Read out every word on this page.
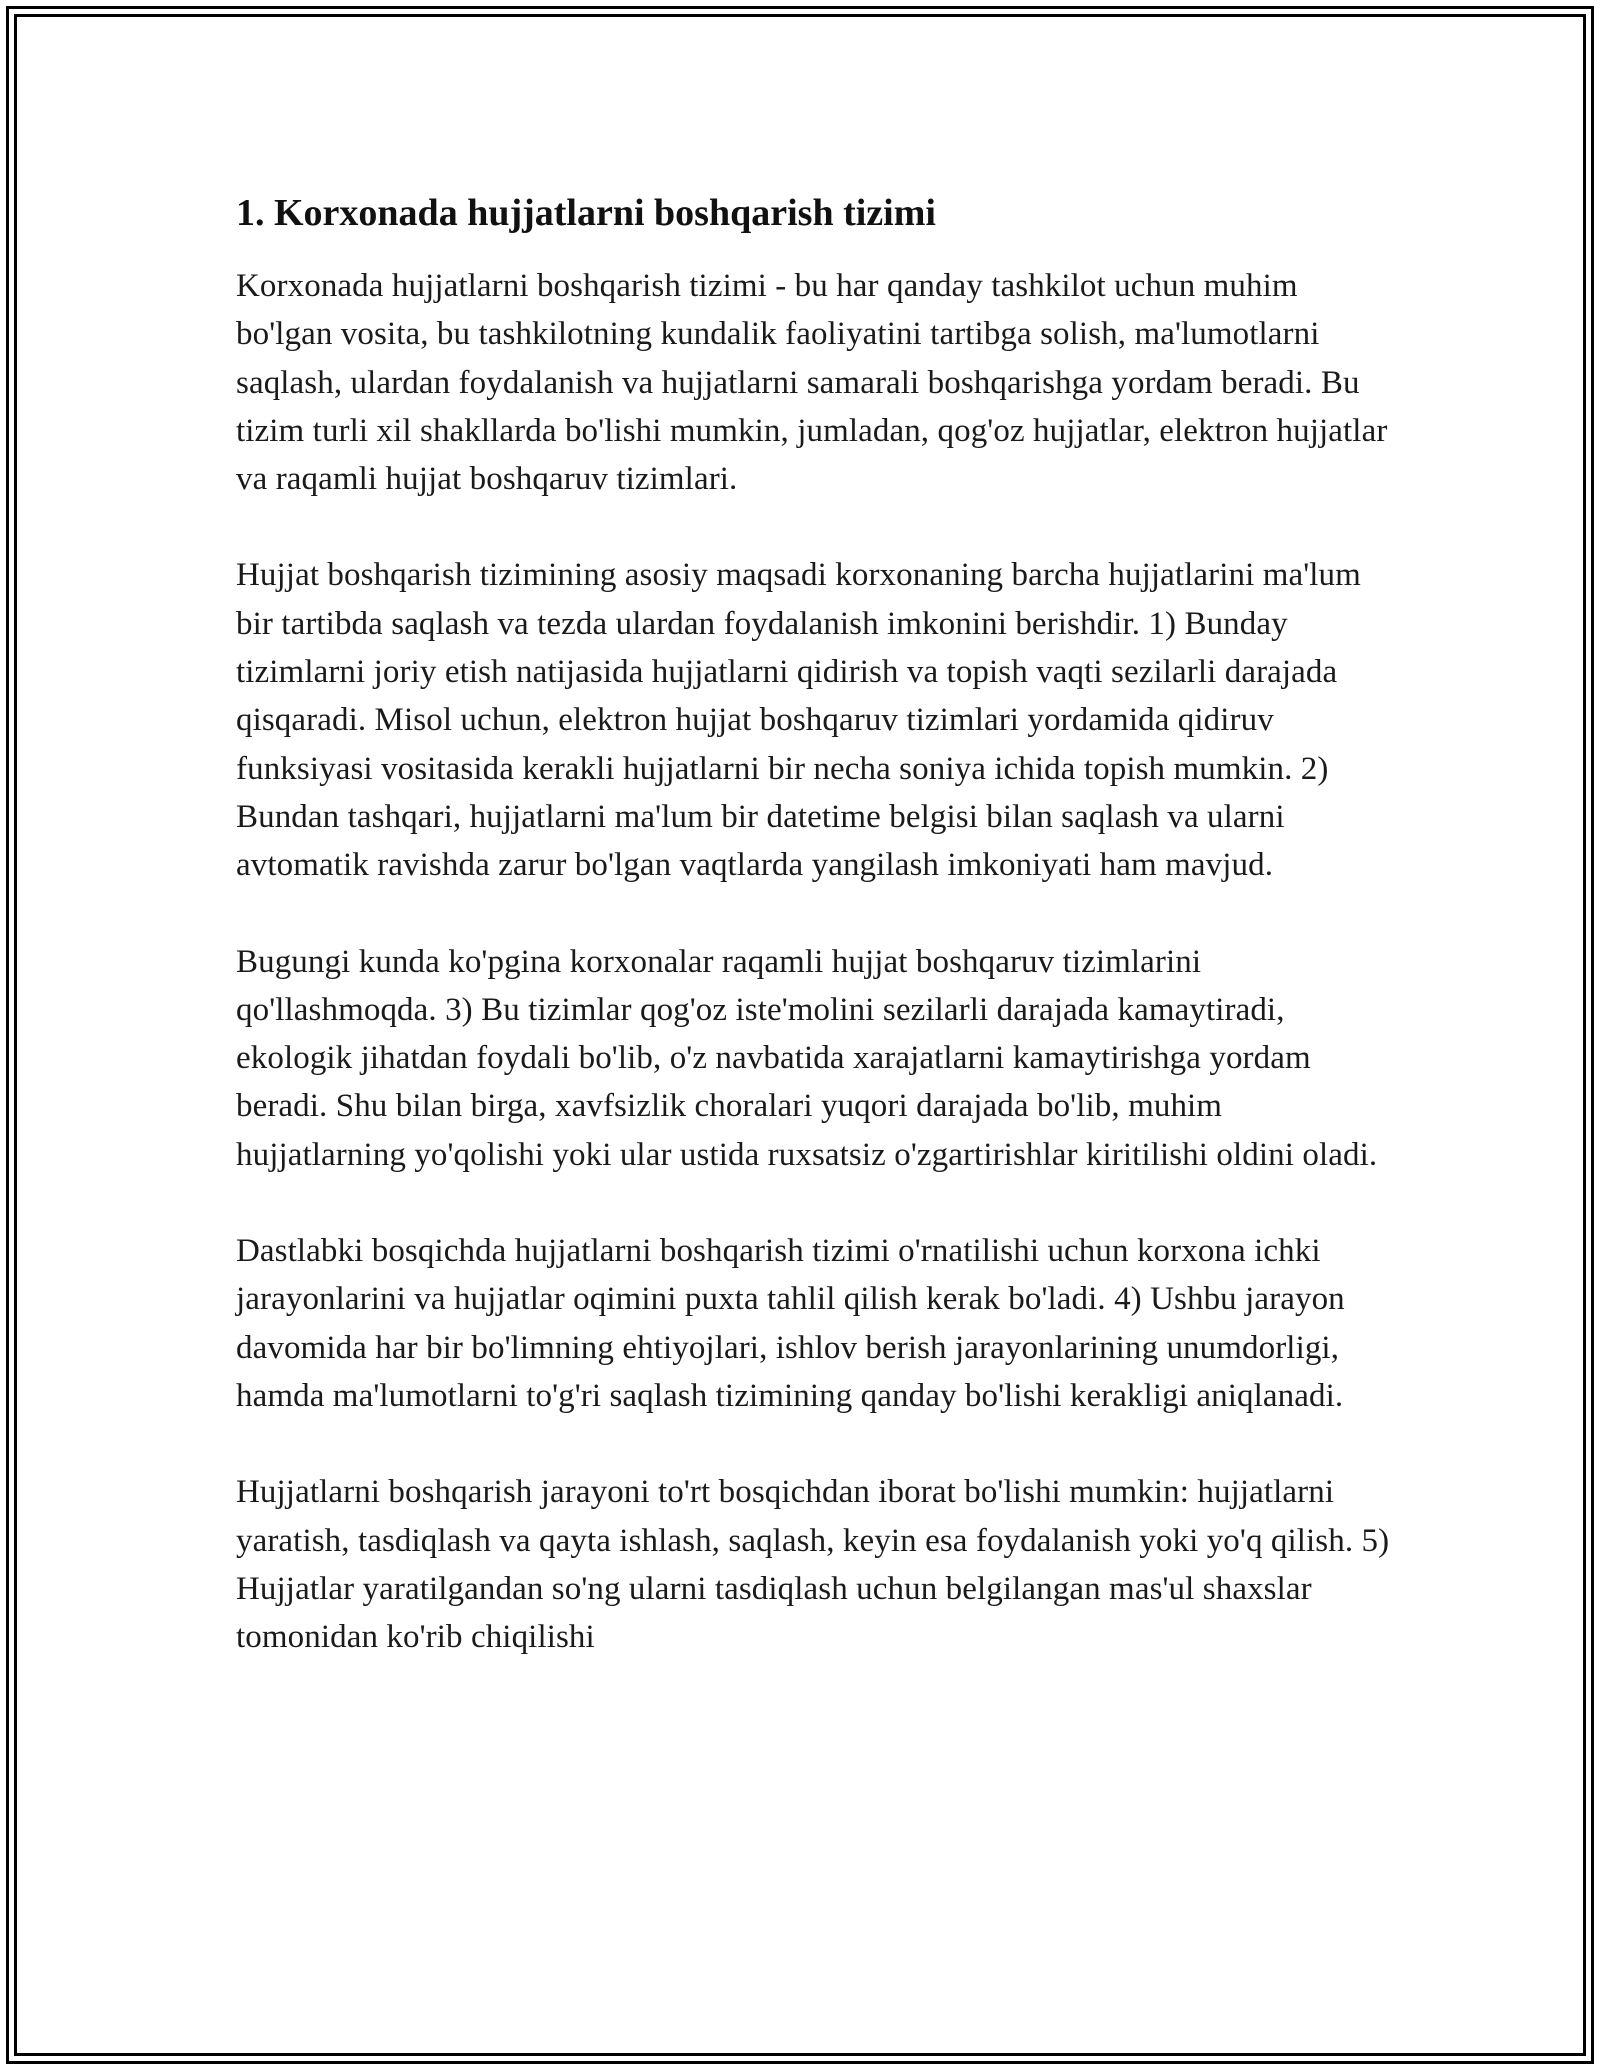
1. Korxonada hujjatlarni boshqarish tizimi

Korxonada hujjatlarni boshqarish tizimi - bu har qanday tashkilot uchun muhim bo'lgan vosita, bu tashkilotning kundalik faoliyatini tartibga solish, ma'lumotlarni saqlash, ulardan foydalanish va hujjatlarni samarali boshqarishga yordam beradi. Bu tizim turli xil shakllarda bo'lishi mumkin, jumladan, qog'oz hujjatlar, elektron hujjatlar va raqamli hujjat boshqaruv tizimlari.

Hujjat boshqarish tizimining asosiy maqsadi korxonaning barcha hujjatlarini ma'lum bir tartibda saqlash va tezda ulardan foydalanish imkonini berishdir. 1) Bunday tizimlarni joriy etish natijasida hujjatlarni qidirish va topish vaqti sezilarli darajada qisqaradi. Misol uchun, elektron hujjat boshqaruv tizimlari yordamida qidiruv funksiyasi vositasida kerakli hujjatlarni bir necha soniya ichida topish mumkin. 2) Bundan tashqari, hujjatlarni ma'lum bir datetime belgisi bilan saqlash va ularni avtomatik ravishda zarur bo'lgan vaqtlarda yangilash imkoniyati ham mavjud.

Bugungi kunda ko'pgina korxonalar raqamli hujjat boshqaruv tizimlarini qo'llashmoqda. 3) Bu tizimlar qog'oz iste'molini sezilarli darajada kamaytiradi, ekologik jihatdan foydali bo'lib, o'z navbatida xarajatlarni kamaytirishga yordam beradi. Shu bilan birga, xavfsizlik choralari yuqori darajada bo'lib, muhim hujjatlarning yo'qolishi yoki ular ustida ruxsatsiz o'zgartirishlar kiritilishi oldini oladi.

Dastlabki bosqichda hujjatlarni boshqarish tizimi o'rnatilishi uchun korxona ichki jarayonlarini va hujjatlar oqimini puxta tahlil qilish kerak bo'ladi. 4) Ushbu jarayon davomida har bir bo'limning ehtiyojlari, ishlov berish jarayonlarining unumdorligi, hamda ma'lumotlarni to'g'ri saqlash tizimining qanday bo'lishi kerakligi aniqlanadi.

Hujjatlarni boshqarish jarayoni to'rt bosqichdan iborat bo'lishi mumkin: hujjatlarni yaratish, tasdiqlash va qayta ishlash, saqlash, keyin esa foydalanish yoki yo'q qilish. 5) Hujjatlar yaratilgandan so'ng ularni tasdiqlash uchun belgilangan mas'ul shaxslar tomonidan ko'rib chiqilishi
